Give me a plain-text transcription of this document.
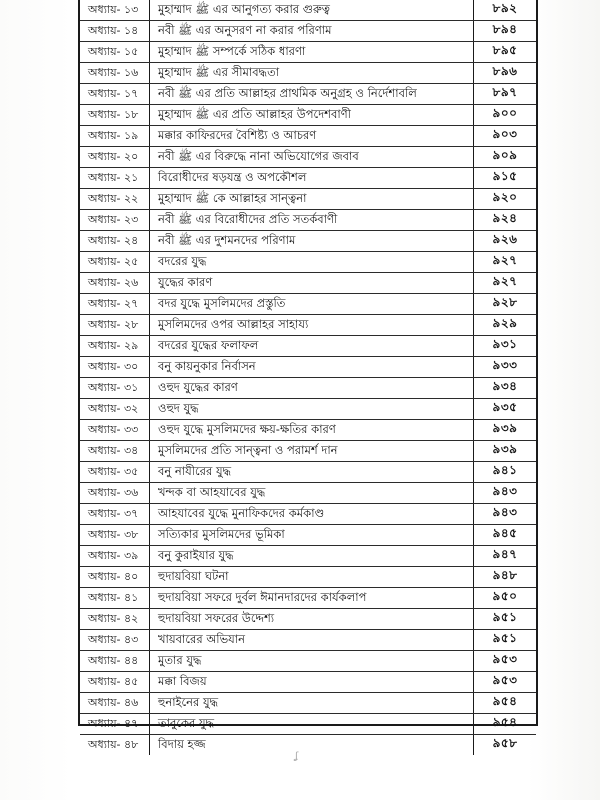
অধ্যায়- ১৩	মুহাম্মাদ ﷺ এর আনুগত্য করার গুরুত্ব	৮৯২
অধ্যায়- ১৪	নবী ﷺ এর অনুসরণ না করার পরিণাম	৮৯৪
অধ্যায়- ১৫	মুহাম্মাদ ﷺ সম্পর্কে সঠিক ধারণা	৮৯৫
অধ্যায়- ১৬	মুহাম্মাদ ﷺ এর সীমাবদ্ধতা	৮৯৬
অধ্যায়- ১৭	নবী ﷺ এর প্রতি আল্লাহর প্রাথমিক অনুগ্রহ ও নির্দেশাবলি	৮৯৭
অধ্যায়- ১৮	মুহাম্মাদ ﷺ এর প্রতি আল্লাহর উপদেশবাণী	৯০০
অধ্যায়- ১৯	মক্কার কাফিরদের বৈশিষ্ট্য ও আচরণ	৯০৩
অধ্যায়- ২০	নবী ﷺ এর বিরুদ্ধে নানা অভিযোগের জবাব	৯০৯
অধ্যায়- ২১	বিরোধীদের ষড়যন্ত্র ও অপকৌশল	৯১৫
অধ্যায়- ২২	মুহাম্মাদ ﷺ কে আল্লাহর সান্ত্বনা	৯২০
অধ্যায়- ২৩	নবী ﷺ এর বিরোধীদের প্রতি সতর্কবাণী	৯২৪
অধ্যায়- ২৪	নবী ﷺ এর দুশমনদের পরিণাম	৯২৬
অধ্যায়- ২৫	বদরের যুদ্ধ	৯২৭
অধ্যায়- ২৬	যুদ্ধের কারণ	৯২৭
অধ্যায়- ২৭	বদর যুদ্ধে মুসলিমদের প্রস্তুতি	৯২৮
অধ্যায়- ২৮	মুসলিমদের ওপর আল্লাহর সাহায্য	৯২৯
অধ্যায়- ২৯	বদরের যুদ্ধের ফলাফল	৯৩১
অধ্যায়- ৩০	বনু কায়নুকার নির্বাসন	৯৩৩
অধ্যায়- ৩১	ওহুদ যুদ্ধের কারণ	৯৩৪
অধ্যায়- ৩২	ওহুদ যুদ্ধ	৯৩৫
অধ্যায়- ৩৩	ওহুদ যুদ্ধে মুসলিমদের ক্ষয়-ক্ষতির কারণ	৯৩৯
অধ্যায়- ৩৪	মুসলিমদের প্রতি সান্ত্বনা ও পরামর্শ দান	৯৩৯
অধ্যায়- ৩৫	বনু নাযীরের যুদ্ধ	৯৪১
অধ্যায়- ৩৬	খন্দক বা আহযাবের যুদ্ধ	৯৪৩
অধ্যায়- ৩৭	আহযাবের যুদ্ধে মুনাফিকদের কর্মকাণ্ড	৯৪৩
অধ্যায়- ৩৮	সত্যিকার মুসলিমদের ভূমিকা	৯৪৫
অধ্যায়- ৩৯	বনু কুরাইযার যুদ্ধ	৯৪৭
অধ্যায়- ৪০	হুদায়বিয়া ঘটনা	৯৪৮
অধ্যায়- ৪১	হুদায়বিয়া সফরে দুর্বল ঈমানদারদের কার্যকলাপ	৯৫০
অধ্যায়- ৪২	হুদায়বিয়া সফরের উদ্দেশ্য	৯৫১
অধ্যায়- ৪৩	খায়বারের অভিযান	৯৫১
অধ্যায়- ৪৪	মুতার যুদ্ধ	৯৫৩
অধ্যায়- ৪৫	মক্কা বিজয়	৯৫৩
অধ্যায়- ৪৬	হুনাইনের যুদ্ধ	৯৫৪
অধ্যায়- ৪৭	তাবুকের যুদ্ধ	৯৫৪
অধ্যায়- ৪৮	বিদায় হজ্জ	৯৫৮
ʆ
